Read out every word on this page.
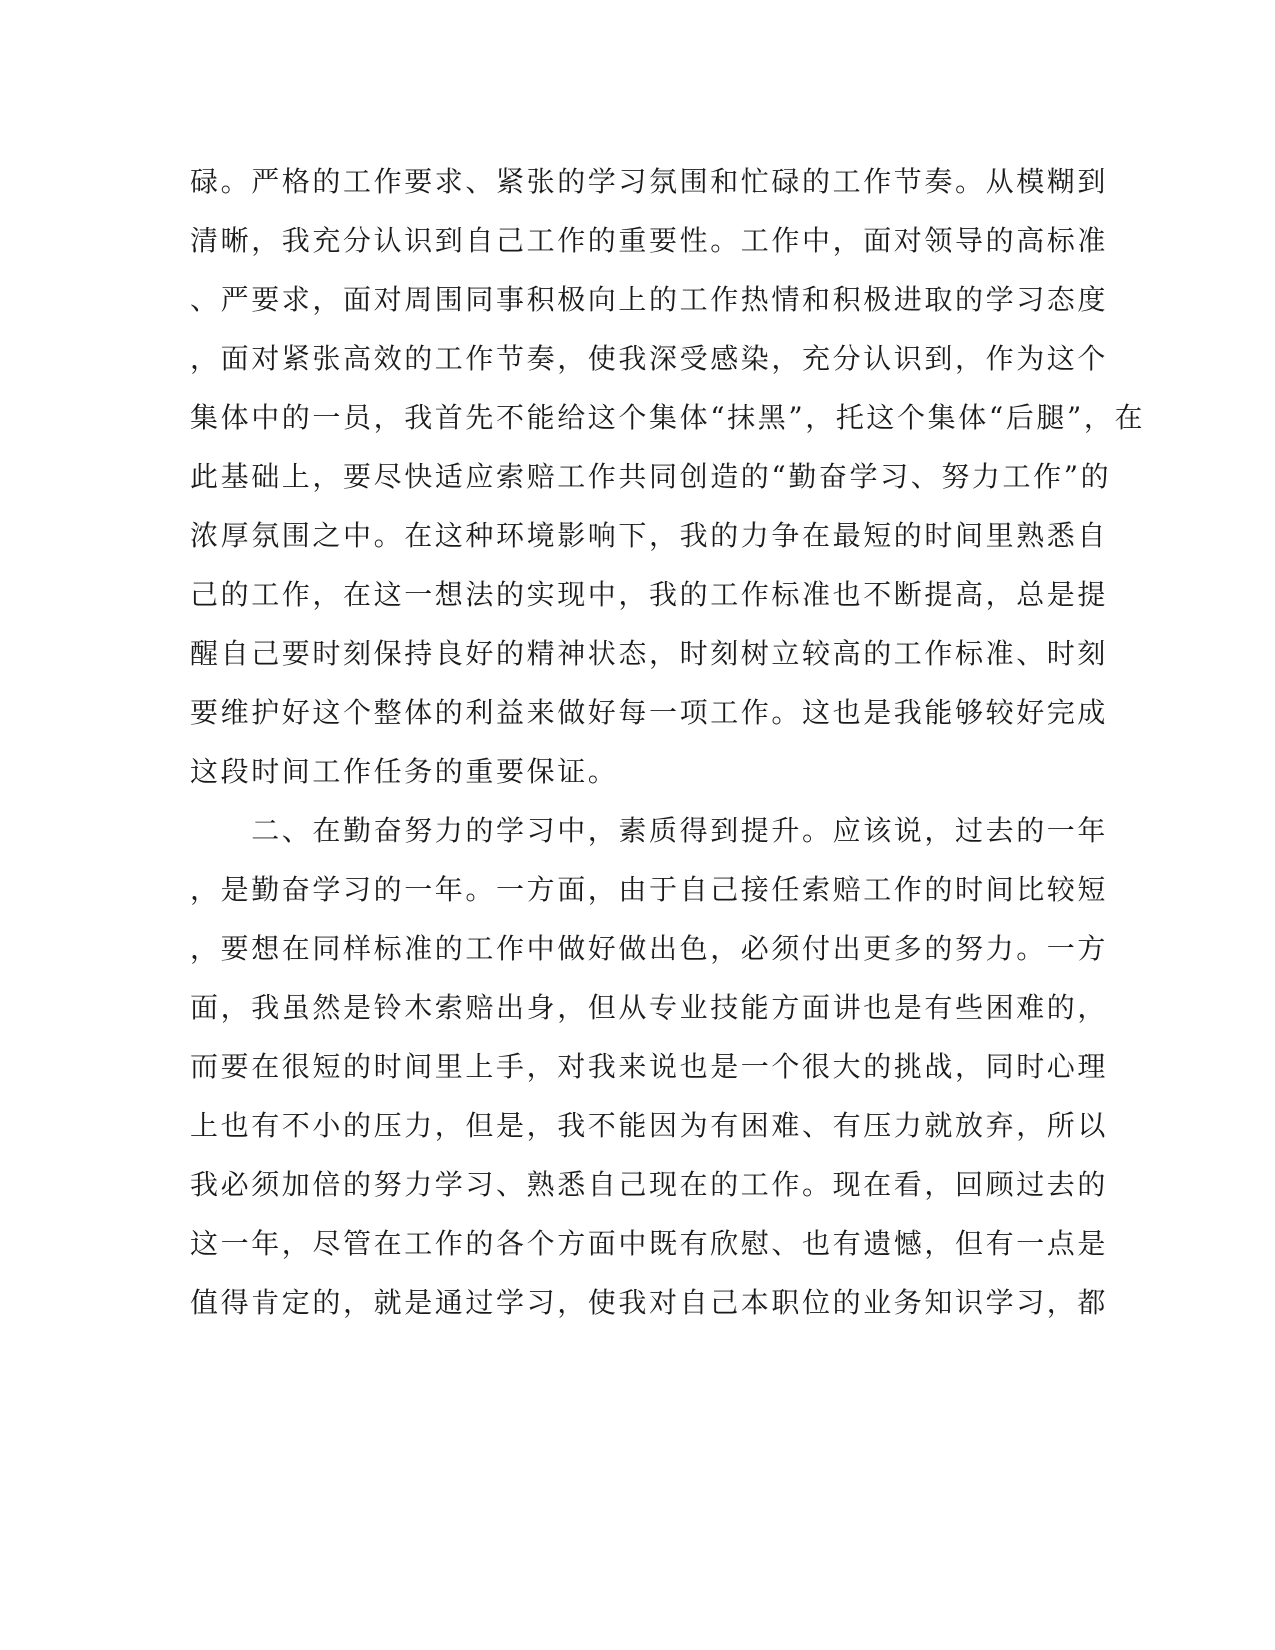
碌。严格的工作要求、紧张的学习氛围和忙碌的工作节奏。从模糊到
清晰，我充分认识到自己工作的重要性。工作中，面对领导的高标准
、严要求，面对周围同事积极向上的工作热情和积极进取的学习态度
，面对紧张高效的工作节奏，使我深受感染，充分认识到，作为这个
集体中的一员，我首先不能给这个集体“抹黑”，托这个集体“后腿”，在
此基础上，要尽快适应索赔工作共同创造的“勤奋学习、努力工作”的
浓厚氛围之中。在这种环境影响下，我的力争在最短的时间里熟悉自
己的工作，在这一想法的实现中，我的工作标准也不断提高，总是提
醒自己要时刻保持良好的精神状态，时刻树立较高的工作标准、时刻
要维护好这个整体的利益来做好每一项工作。这也是我能够较好完成
这段时间工作任务的重要保证。
　　二、在勤奋努力的学习中，素质得到提升。应该说，过去的一年
，是勤奋学习的一年。一方面，由于自己接任索赔工作的时间比较短
，要想在同样标准的工作中做好做出色，必须付出更多的努力。一方
面，我虽然是铃木索赔出身，但从专业技能方面讲也是有些困难的，
而要在很短的时间里上手，对我来说也是一个很大的挑战，同时心理
上也有不小的压力，但是，我不能因为有困难、有压力就放弃，所以
我必须加倍的努力学习、熟悉自己现在的工作。现在看，回顾过去的
这一年，尽管在工作的各个方面中既有欣慰、也有遗憾，但有一点是
值得肯定的，就是通过学习，使我对自己本职位的业务知识学习，都
